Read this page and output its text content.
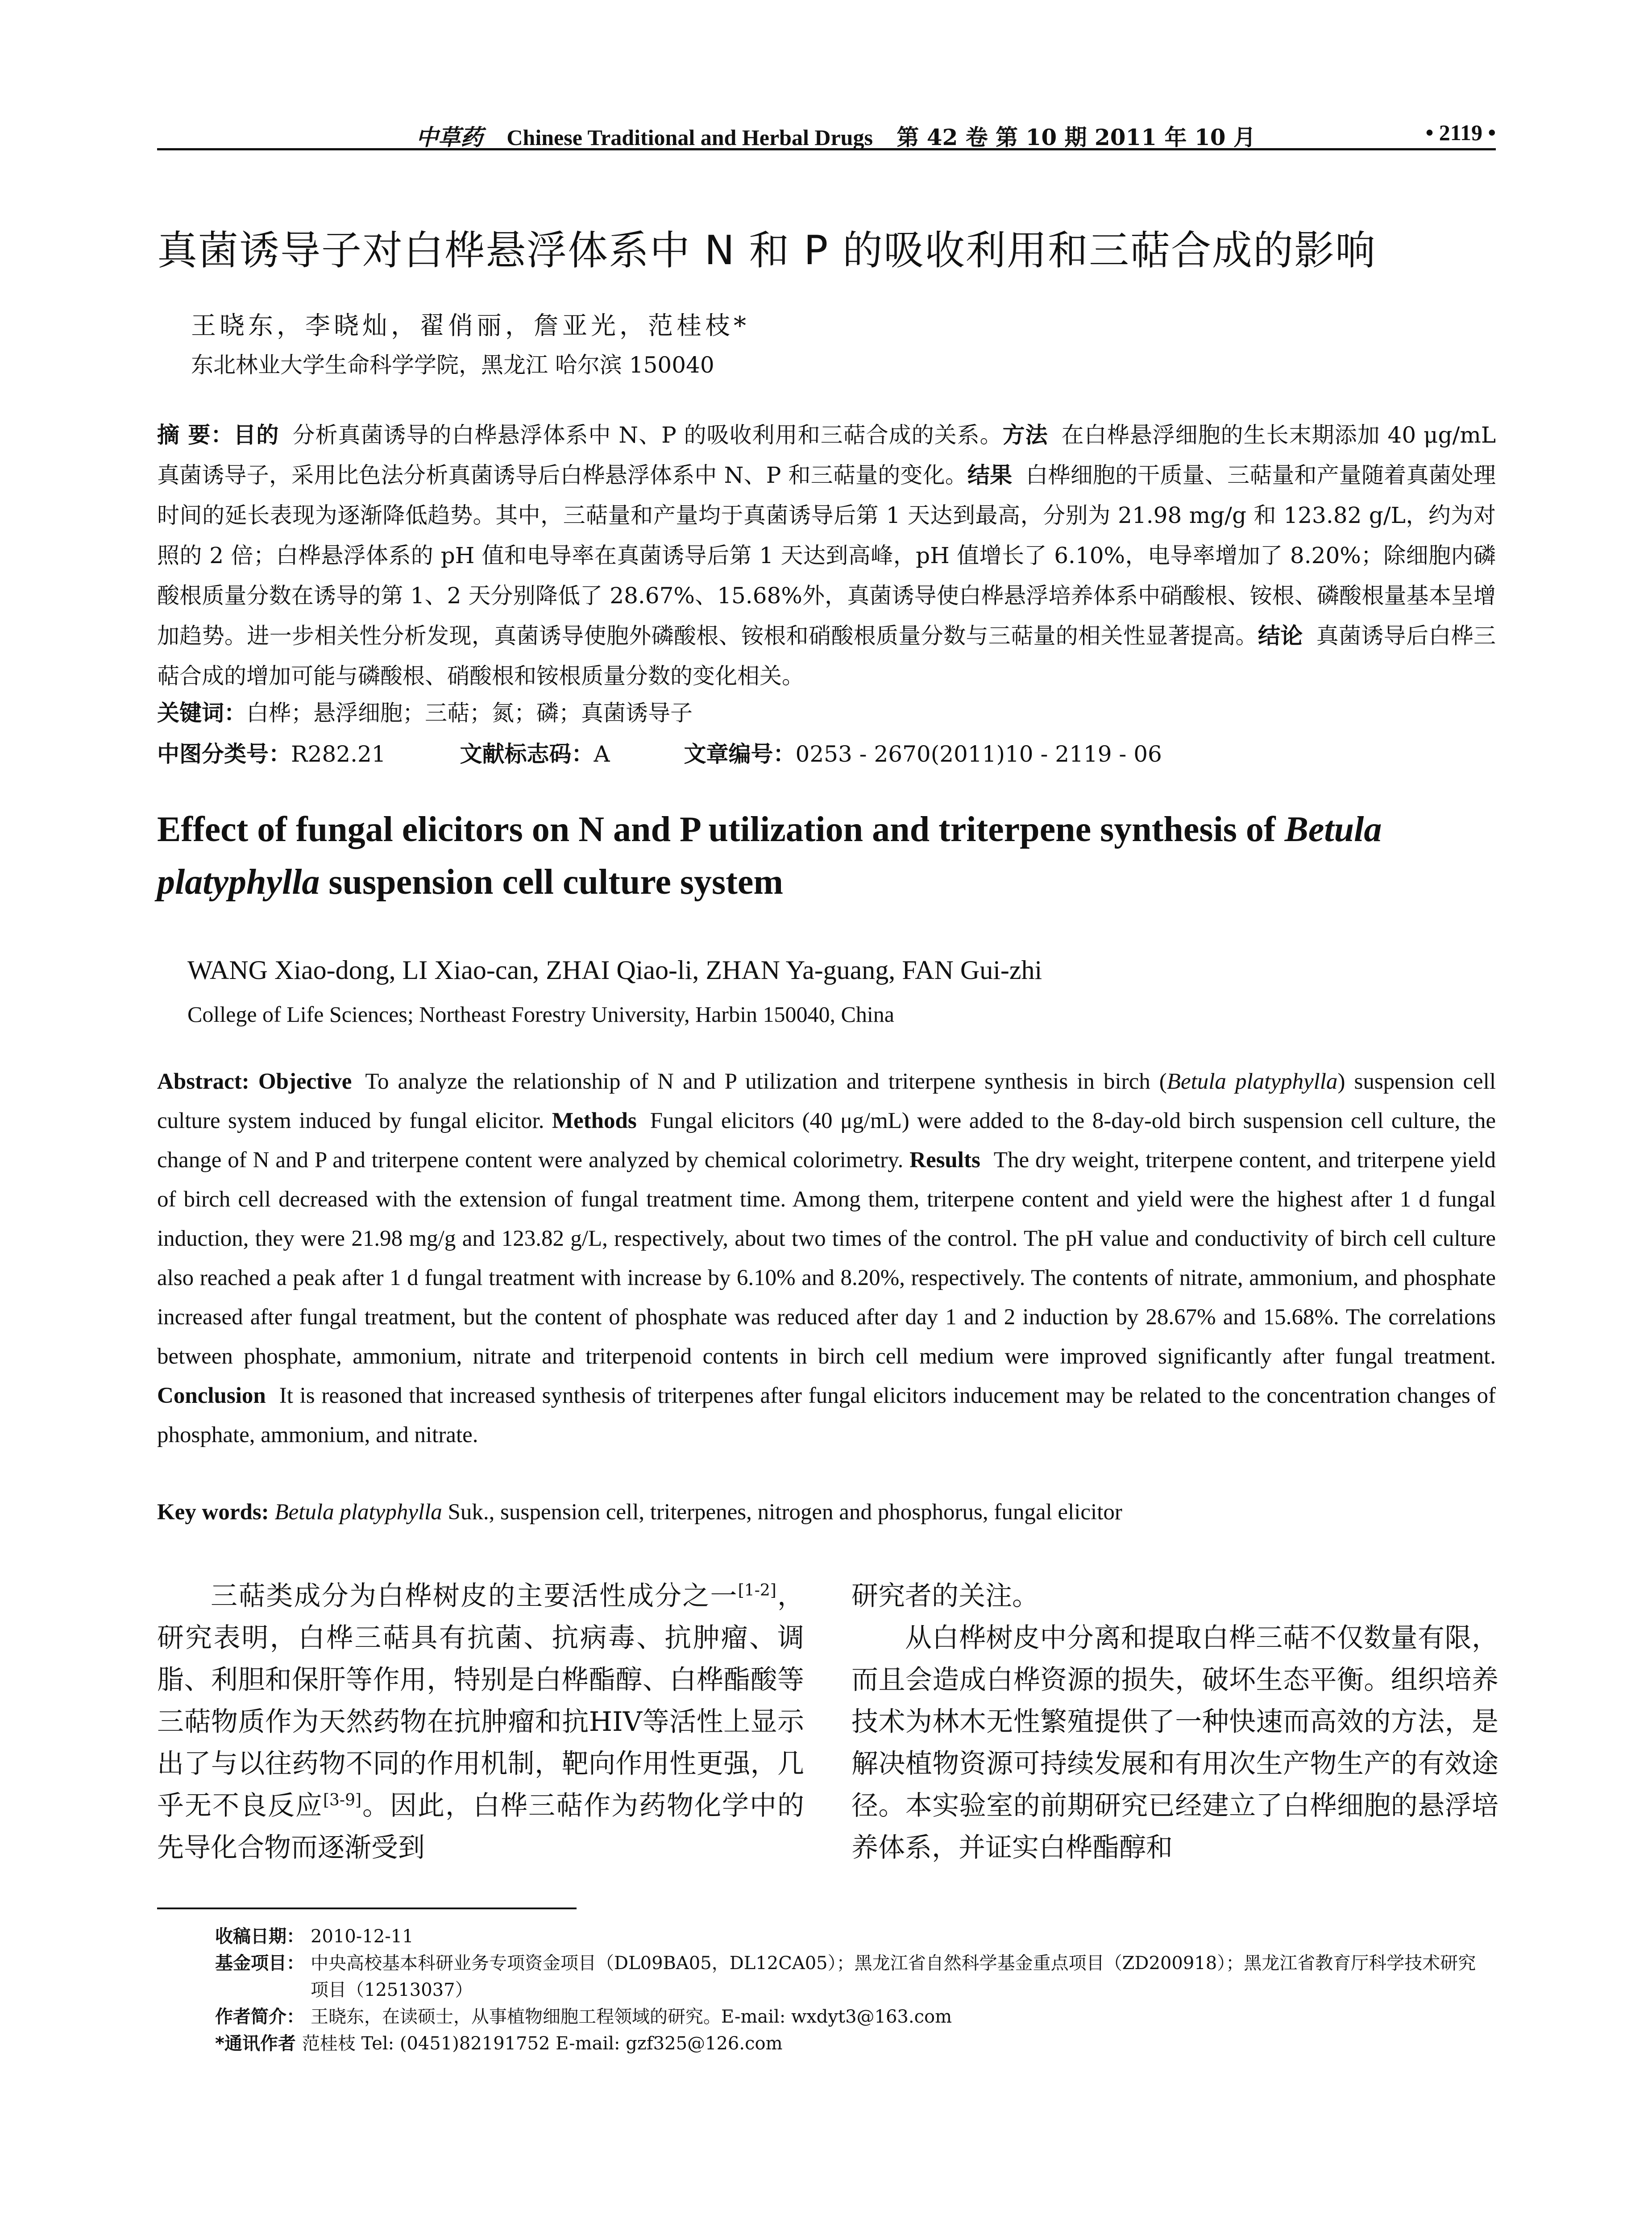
中草药 Chinese Traditional and Herbal Drugs 第 42 卷 第 10 期 2011 年 10 月	• 2119 •
真菌诱导子对白桦悬浮体系中 N 和 P 的吸收利用和三萜合成的影响
王晓东，李晓灿，翟俏丽，詹亚光，范桂枝*
东北林业大学生命科学学院，黑龙江 哈尔滨 150040
摘 要：目的 分析真菌诱导的白桦悬浮体系中 N、P 的吸收利用和三萜合成的关系。方法 在白桦悬浮细胞的生长末期添加 40 μg/mL 真菌诱导子，采用比色法分析真菌诱导后白桦悬浮体系中 N、P 和三萜量的变化。结果 白桦细胞的干质量、三萜量和产量随着真菌处理时间的延长表现为逐渐降低趋势。其中，三萜量和产量均于真菌诱导后第 1 天达到最高，分别为 21.98 mg/g 和 123.82 g/L，约为对照的 2 倍；白桦悬浮体系的 pH 值和电导率在真菌诱导后第 1 天达到高峰，pH 值增长了 6.10%，电导率增加了 8.20%；除细胞内磷酸根质量分数在诱导的第 1、2 天分别降低了 28.67%、15.68%外，真菌诱导使白桦悬浮培养体系中硝酸根、铵根、磷酸根量基本呈增加趋势。进一步相关性分析发现，真菌诱导使胞外磷酸根、铵根和硝酸根质量分数与三萜量的相关性显著提高。结论 真菌诱导后白桦三萜合成的增加可能与磷酸根、硝酸根和铵根质量分数的变化相关。
关键词：白桦；悬浮细胞；三萜；氮；磷；真菌诱导子
中图分类号：R282.21	文献标志码：A	文章编号：0253 - 2670(2011)10 - 2119 - 06
Effect of fungal elicitors on N and P utilization and triterpene synthesis of Betula platyphylla suspension cell culture system
WANG Xiao-dong, LI Xiao-can, ZHAI Qiao-li, ZHAN Ya-guang, FAN Gui-zhi
College of Life Sciences; Northeast Forestry University, Harbin 150040, China
Abstract: Objective To analyze the relationship of N and P utilization and triterpene synthesis in birch (Betula platyphylla) suspension cell culture system induced by fungal elicitor. Methods Fungal elicitors (40 μg/mL) were added to the 8-day-old birch suspension cell culture, the change of N and P and triterpene content were analyzed by chemical colorimetry. Results The dry weight, triterpene content, and triterpene yield of birch cell decreased with the extension of fungal treatment time. Among them, triterpene content and yield were the highest after 1 d fungal induction, they were 21.98 mg/g and 123.82 g/L, respectively, about two times of the control. The pH value and conductivity of birch cell culture also reached a peak after 1 d fungal treatment with increase by 6.10% and 8.20%, respectively. The contents of nitrate, ammonium, and phosphate increased after fungal treatment, but the content of phosphate was reduced after day 1 and 2 induction by 28.67% and 15.68%. The correlations between phosphate, ammonium, nitrate and triterpenoid contents in birch cell medium were improved significantly after fungal treatment. Conclusion It is reasoned that increased synthesis of triterpenes after fungal elicitors inducement may be related to the concentration changes of phosphate, ammonium, and nitrate.
Key words: Betula platyphylla Suk., suspension cell, triterpenes, nitrogen and phosphorus, fungal elicitor
三萜类成分为白桦树皮的主要活性成分之一[1-2]，研究表明，白桦三萜具有抗菌、抗病毒、抗肿瘤、调脂、利胆和保肝等作用，特别是白桦酯醇、白桦酯酸等三萜物质作为天然药物在抗肿瘤和抗HIV等活性上显示出了与以往药物不同的作用机制，靶向作用性更强，几乎无不良反应[3-9]。因此，白桦三萜作为药物化学中的先导化合物而逐渐受到
研究者的关注。
从白桦树皮中分离和提取白桦三萜不仅数量有限，而且会造成白桦资源的损失，破坏生态平衡。组织培养技术为林木无性繁殖提供了一种快速而高效的方法，是解决植物资源可持续发展和有用次生产物生产的有效途径。本实验室的前期研究已经建立了白桦细胞的悬浮培养体系，并证实白桦酯醇和
收稿日期： 2010-12-11
基金项目： 中央高校基本科研业务专项资金项目（DL09BA05，DL12CA05）；黑龙江省自然科学基金重点项目（ZD200918）；黑龙江省教育厅科学技术研究项目（12513037）
作者简介： 王晓东，在读硕士，从事植物细胞工程领域的研究。E-mail: wxdyt3@163.com
*通讯作者 范桂枝 Tel: (0451)82191752 E-mail: gzf325@126.com
